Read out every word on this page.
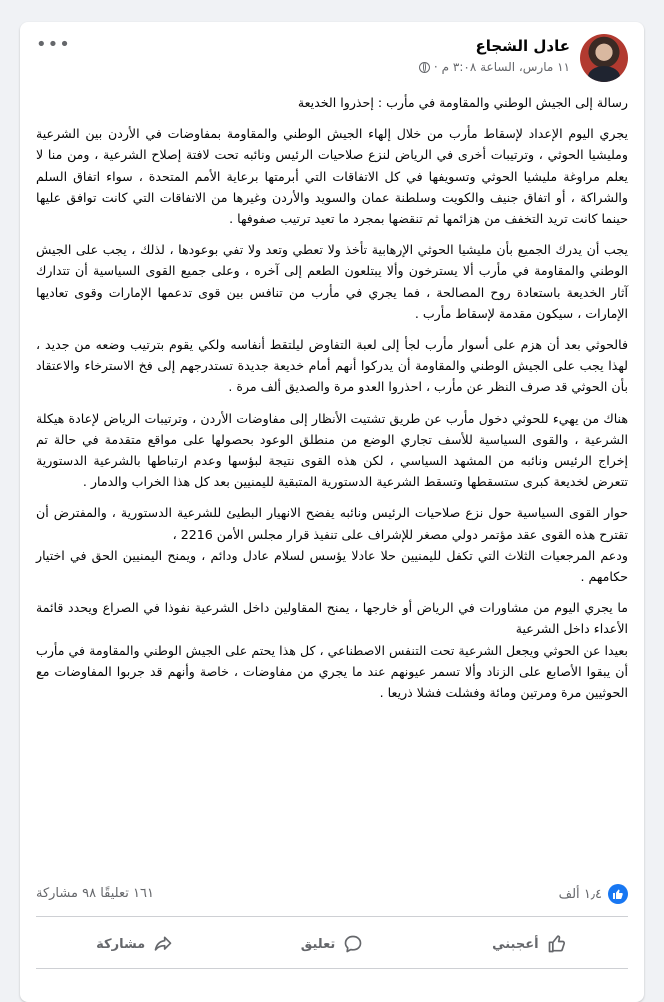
عادل الشجاع
١١ مارس، الساعة ٣:٠٨ م
·
•••

رسالة إلى الجيش الوطني والمقاومة في مأرب : إحذروا الخديعة

يجري اليوم الإعداد لإسقاط مأرب من خلال إلهاء الجيش الوطني والمقاومة بمفاوضات في الأردن بين الشرعية ومليشيا الحوثي ، وترتيبات أخرى في الرياض لنزع صلاحيات الرئيس ونائبه تحت لافتة إصلاح الشرعية ، ومن منا لا يعلم مراوغة مليشيا الحوثي وتسويفها في كل الاتفاقات التي أبرمتها برعاية الأمم المتحدة ، سواء اتفاق السلم والشراكة ، أو اتفاق جنيف والكويت وسلطنة عمان والسويد والأردن وغيرها من الاتفاقات التي كانت توافق عليها حينما كانت تريد التخفف من هزائمها ثم تنقضها بمجرد ما تعيد ترتيب صفوفها .

يجب أن يدرك الجميع بأن مليشيا الحوثي الإرهابية تأخذ ولا تعطي وتعد ولا تفي بوعودها ، لذلك ، يجب على الجيش الوطني والمقاومة في مأرب ألا يسترخون وألا يبتلعون الطعم إلى آخره ، وعلى جميع القوى السياسية أن تتدارك آثار الخديعة باستعادة روح المصالحة ، فما يجري في مأرب من تنافس بين قوى تدعمها الإمارات وقوى تعاديها الإمارات ، سيكون مقدمة لإسقاط مأرب .

فالحوثي بعد أن هزم على أسوار مأرب لجأ إلى لعبة التفاوض ليلتقط أنفاسه ولكي يقوم بترتيب وضعه من جديد ، لهذا يجب على الجيش الوطني والمقاومة أن يدركوا أنهم أمام خديعة جديدة تستدرجهم إلى فخ الاسترخاء والاعتقاد بأن الحوثي قد صرف النظر عن مأرب ، احذروا العدو مرة والصديق ألف مرة .

هناك من يهيء للحوثي دخول مأرب عن طريق تشتيت الأنظار إلى مفاوضات الأردن ، وترتيبات الرياض لإعادة هيكلة الشرعية ، والقوى السياسية للأسف تجاري الوضع من منطلق الوعود بحصولها على مواقع متقدمة في حالة تم إخراج الرئيس ونائبه من المشهد السياسي ، لكن هذه القوى نتيجة لبؤسها وعدم ارتباطها بالشرعية الدستورية تتعرض لخديعة كبرى ستسقطها وتسقط الشرعية الدستورية المتبقية لليمنيين بعد كل هذا الخراب والدمار .

حوار القوى السياسية حول نزع صلاحيات الرئيس ونائبه يفضح الانهيار البطيئ للشرعية الدستورية ، والمفترض أن تقترح هذه القوى عقد مؤتمر دولي مصغر للإشراف على تنفيذ قرار مجلس الأمن 2216 ،
ودعم المرجعيات الثلاث التي تكفل لليمنيين حلا عادلا يؤسس لسلام عادل ودائم ، ويمنح اليمنيين الحق في اختيار حكامهم .

ما يجري اليوم من مشاورات في الرياض أو خارجها ، يمنح المقاولين داخل الشرعية نفوذا في الصراع ويحدد قائمة الأعداء داخل الشرعية
بعيدا عن الحوثي ويجعل الشرعية تحت التنفس الاصطناعي ، كل هذا يحتم على الجيش الوطني والمقاومة في مأرب أن يبقوا الأصابع على الزناد وألا تسمر عيونهم عند ما يجري من مفاوضات ، خاصة وأنهم قد جربوا المفاوضات مع الحوثيين مرة ومرتين ومائة وفشلت فشلا ذريعا .

١٫٤ ألف
١٦١ تعليقًا ٩٨ مشاركة
أعجبني
تعليق
مشاركة
